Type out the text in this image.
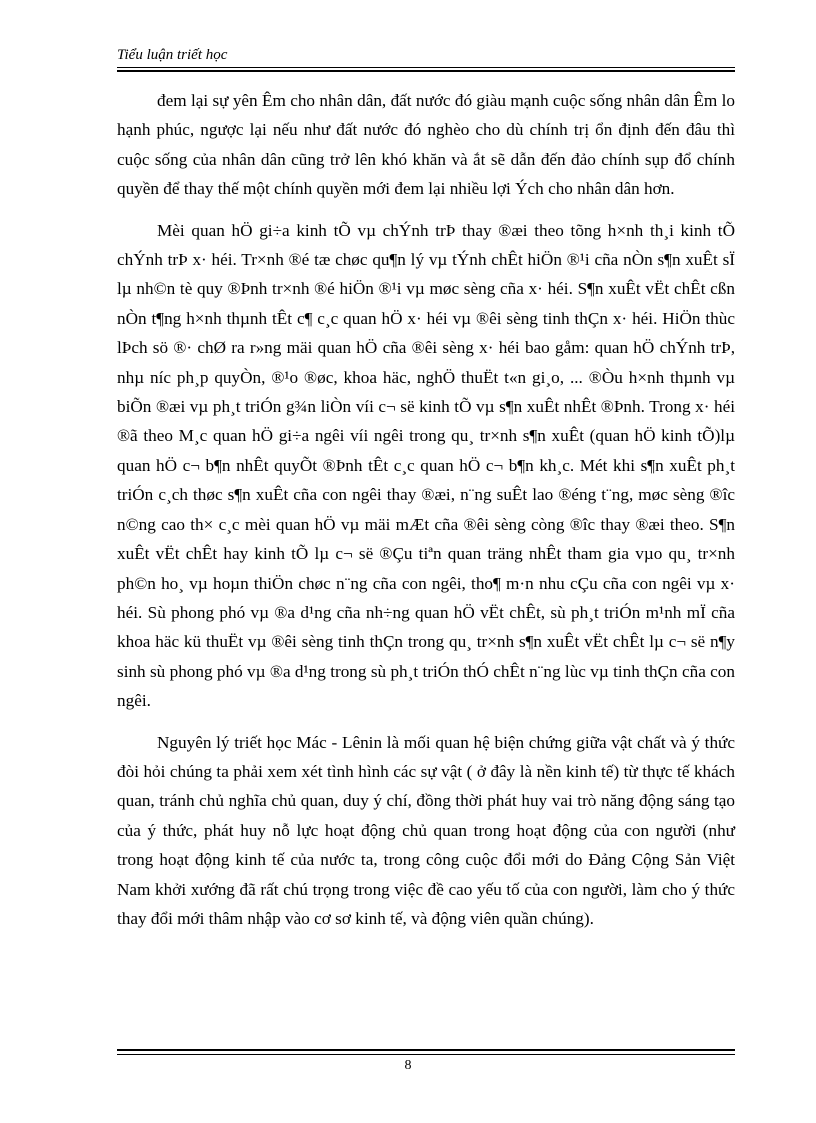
Tiểu luận triết học

đem lại sự yên Êm cho nhân dân, đất nước đó giàu mạnh cuộc sống nhân dân Êm lo hạnh phúc, ngược lại nếu như đất nước đó nghèo cho dù chính trị ổn định đến đâu thì cuộc sống của nhân dân cũng trở lên khó khăn và ắt sẽ dẫn đến đảo chính sụp đổ chính quyền để thay thế một chính quyền mới đem lại nhiều lợi Ých cho nhân dân hơn.

Mèi quan hÖ gi÷a kinh tÕ vµ chÝnh trÞ thay ®æi theo tõng h×nh th¸i kinh tÕ chÝnh trÞ x· héi. Tr×nh ®é tæ chøc qu¶n lý vµ tÝnh chÊt hiÖn ®¹i cña nÒn s¶n xuÊt sÏ lµ nh©n tè quy ®Þnh tr×nh ®é hiÖn ®¹i vµ møc sèng cña x· héi. S¶n xuÊt vËt chÊt cßn nÒn t¶ng h×nh thµnh tÊt c¶ c¸c quan hÖ x· héi vµ ®êi sèng tinh thÇn x· héi. HiÖn thùc lÞch sö ®· chØ ra r»ng mäi quan hÖ cña ®êi sèng x· héi bao gåm: quan hÖ chÝnh trÞ, nhµ níc ph¸p quyÒn, ®¹o ®øc, khoa häc, nghÖ thuËt t«n gi¸o, ... ®Òu h×nh thµnh vµ biÕn ®æi vµ ph¸t triÓn g¾n liÒn víi c¬ së kinh tÕ vµ s¶n xuÊt nhÊt ®Þnh. Trong x· héi ®ã theo M¸c quan hÖ gi÷a ngêi víi ngêi trong qu¸ tr×nh s¶n xuÊt (quan hÖ kinh tÕ)lµ quan hÖ c¬ b¶n nhÊt quyÕt ®Þnh tÊt c¸c quan hÖ c¬ b¶n kh¸c. Mét khi s¶n xuÊt ph¸t triÓn c¸ch thøc s¶n xuÊt cña con ngêi thay ®æi, n¨ng suÊt lao ®éng t¨ng, møc sèng ®îc n©ng cao th× c¸c mèi quan hÖ vµ mäi mÆt cña ®êi sèng còng ®îc thay ®æi theo. S¶n xuÊt vËt chÊt hay kinh tÕ lµ c¬ së ®Çu tiªn quan träng nhÊt tham gia vµo qu¸ tr×nh ph©n ho¸ vµ hoµn thiÖn chøc n¨ng cña con ngêi, tho¶ m·n nhu cÇu cña con ngêi vµ x· héi. Sù phong phó vµ ®a d¹ng cña nh÷ng quan hÖ vËt chÊt, sù ph¸t triÓn m¹nh mÏ cña khoa häc kü thuËt vµ ®êi sèng tinh thÇn trong qu¸ tr×nh s¶n xuÊt vËt chÊt lµ c¬ së n¶y sinh sù phong phó vµ ®a d¹ng trong sù ph¸t triÓn thÓ chÊt n¨ng lùc vµ tinh thÇn cña con ngêi.

Nguyên lý triết học Mác - Lênin là mối quan hệ biện chứng giữa vật chất và ý thức đòi hỏi chúng ta phải xem xét tình hình các sự vật ( ở đây là nền kinh tế) từ thực tế khách quan, tránh chủ nghĩa chủ quan, duy ý chí, đồng thời phát huy vai trò năng động sáng tạo của ý thức, phát huy nỗ lực hoạt động chủ quan trong hoạt động của con người (như trong hoạt động kinh tế của nước ta, trong công cuộc đổi mới do Đảng Cộng Sản Việt Nam khởi xướng đã rất chú trọng trong việc đề cao yếu tố của con người, làm cho ý thức thay đổi mới thâm nhập vào cơ sơ kinh tế, và động viên quần chúng).

8
